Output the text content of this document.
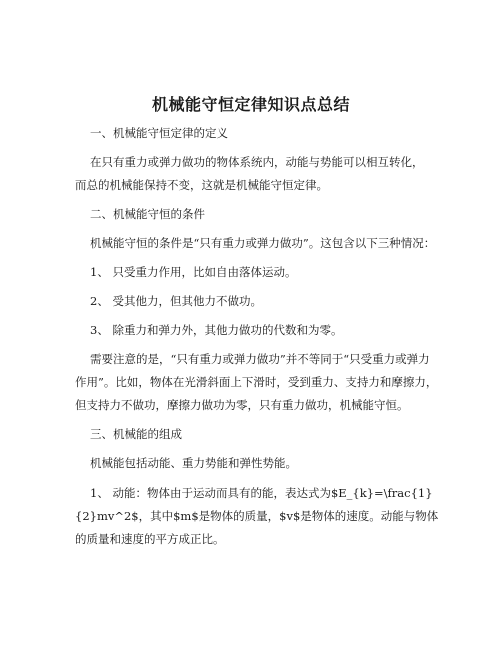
机械能守恒定律知识点总结
一、机械能守恒定律的定义
在只有重力或弹力做功的物体系统内，动能与势能可以相互转化，
而总的机械能保持不变，这就是机械能守恒定律。
二、机械能守恒的条件
机械能守恒的条件是“只有重力或弹力做功”。这包含以下三种情况：
1、 只受重力作用，比如自由落体运动。
2、 受其他力，但其他力不做功。
3、 除重力和弹力外，其他力做功的代数和为零。
需要注意的是，“只有重力或弹力做功”并不等同于“只受重力或弹力
作用”。比如，物体在光滑斜面上下滑时，受到重力、支持力和摩擦力，
但支持力不做功，摩擦力做功为零，只有重力做功，机械能守恒。
三、机械能的组成
机械能包括动能、重力势能和弹性势能。
1、 动能：物体由于运动而具有的能，表达式为$E_{k}=\frac{1}
{2}mv^2$，其中$m$是物体的质量，$v$是物体的速度。动能与物体
的质量和速度的平方成正比。
